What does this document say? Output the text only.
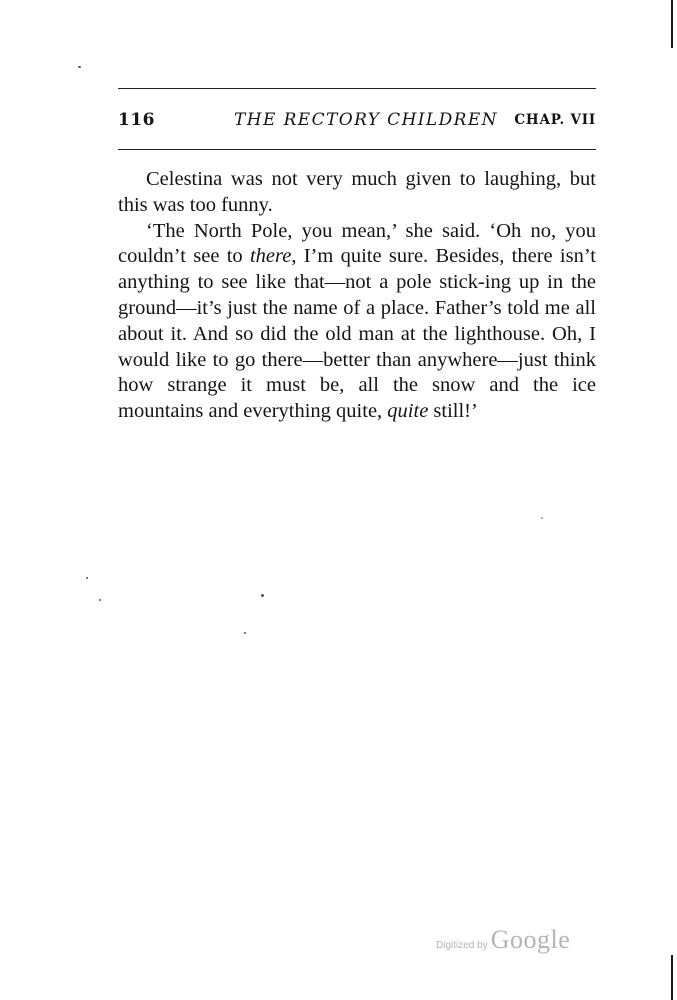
116	THE RECTORY CHILDREN CHAP. VII

Celestina was not very much given to laughing, but this was too funny.

‘The North Pole, you mean,’ she said. ‘Oh no, you couldn’t see to there, I’m quite sure. Besides, there isn’t anything to see like that—not a pole stick-ing up in the ground—it’s just the name of a place. Father’s told me all about it. And so did the old man at the lighthouse. Oh, I would like to go there—better than anywhere—just think how strange it must be, all the snow and the ice mountains and everything quite, quite still!’

Digitized by Google
